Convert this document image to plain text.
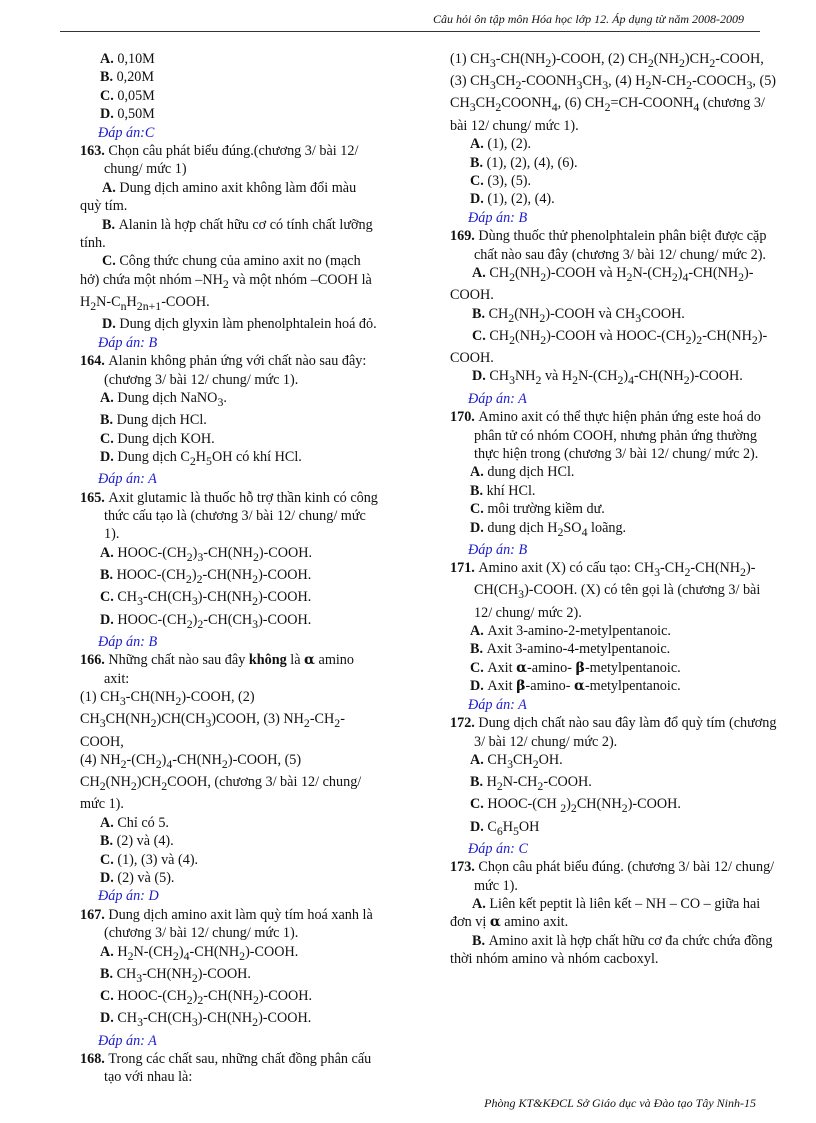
Câu hỏi ôn tập môn Hóa học lớp 12. Áp dụng từ năm 2008-2009
A. 0,10M
B. 0,20M
C. 0,05M
D. 0,50M
Đáp án:C
163. Chọn câu phát biểu đúng.(chương 3/ bài 12/ chung/ mức 1)
A. Dung dịch amino axit không làm đổi màu quỳ tím.
B. Alanin là hợp chất hữu cơ có tính chất lưỡng tính.
C. Công thức chung của amino axit no (mạch hở) chứa một nhóm $-NH_2$ và một nhóm –COOH là $H_2N-C_nH_{2n+1}$-COOH.
D. Dung dịch glyxin làm phenolphtalein hoá đỏ.
Đáp án: B
164. Alanin không phản ứng với chất nào sau đây: (chương 3/ bài 12/ chung/ mức 1).
A. Dung dịch NaNO$_3$.
B. Dung dịch HCl.
C. Dung dịch KOH.
D. Dung dịch $C_2H_5OH$ có khí HCl.
Đáp án: A
165. Axit glutamic là thuốc hỗ trợ thần kinh có công thức cấu tạo là (chương 3/ bài 12/ chung/ mức 1).
A. HOOC-$(CH_2)_3-CH(NH_2)$-COOH.
B. HOOC-$(CH_2)_2-CH(NH_2)$-COOH.
C. $CH_3-CH(CH_3)-CH(NH_2)$-COOH.
D. HOOC-$(CH_2)_2-CH(CH_3)$-COOH.
Đáp án: B
166. Những chất nào sau đây không là α amino axit:
(1) $CH_3-CH(NH_2)$-COOH, (2) $CH_3CH(NH_2)CH(CH_3)COOH$, (3) $NH_2-CH_2$-COOH,
(4) $NH_2-(CH_2)_4-CH(NH_2)$-COOH, (5) $CH_2(NH_2)CH_2COOH$, (chương 3/ bài 12/ chung/ mức 1).
A. Chỉ có 5.
B. (2) và (4).
C. (1), (3) và (4).
D. (2) và (5).
Đáp án: D
167. Dung dịch amino axit làm quỳ tím hoá xanh là (chương 3/ bài 12/ chung/ mức 1).
A. $H_2N-(CH_2)_4-CH(NH_2)$-COOH.
B. $CH_3-CH(NH_2)$-COOH.
C. HOOC-$(CH_2)_2-CH(NH_2)$-COOH.
D. $CH_3-CH(CH_3)-CH(NH_2)$-COOH.
Đáp án: A
168. Trong các chất sau, những chất đồng phân cấu tạo với nhau là:
(1) $CH_3-CH(NH_2)$-COOH, (2) $CH_2(NH_2)CH_2$-COOH, (3) $CH_3CH_2-COONH_3CH_3$, (4) $H_2N-CH_2-COOCH_3$, (5) $CH_3CH_2COONH_4$, (6) $CH_2=CH-COONH_4$ (chương 3/ bài 12/ chung/ mức 1).
A. (1), (2).
B. (1), (2), (4), (6).
C. (3), (5).
D. (1), (2), (4).
Đáp án: B
169. Dùng thuốc thử phenolphtalein phân biệt được cặp chất nào sau đây (chương 3/ bài 12/ chung/ mức 2).
A. $CH_2(NH_2)$-COOH và $H_2N-(CH_2)_4-CH(NH_2)$-COOH.
B. $CH_2(NH_2)$-COOH và $CH_3COOH$.
C. $CH_2(NH_2)$-COOH và HOOC-$(CH_2)_2-CH(NH_2)$-COOH.
D. $CH_3NH_2$ và $H_2N-(CH_2)_4-CH(NH_2)$-COOH.
Đáp án: A
170. Amino axit có thể thực hiện phản ứng este hoá do phân tử có nhóm COOH, nhưng phản ứng thường thực hiện trong (chương 3/ bài 12/ chung/ mức 2).
A. dung dịch HCl.
B. khí HCl.
C. môi trường kiềm dư.
D. dung dịch $H_2SO_4$ loãng.
Đáp án: B
171. Amino axit (X) có cấu tạo: $CH_3-CH_2-CH(NH_2)-CH(CH_3)$-COOH. (X) có tên gọi là (chương 3/ bài 12/ chung/ mức 2).
A. Axit 3-amino-2-metylpentanoic.
B. Axit 3-amino-4-metylpentanoic.
C. Axit α-amino- β-metylpentanoic.
D. Axit β-amino- α-metylpentanoic.
Đáp án: A
172. Dung dịch chất nào sau đây làm đổ quỳ tím (chương 3/ bài 12/ chung/ mức 2).
A. $CH_3CH_2OH$.
B. $H_2N-CH_2$-COOH.
C. HOOC-(CH $_2)_2CH(NH_2)$-COOH.
D. $C_6H_5OH$
Đáp án: C
173. Chọn câu phát biểu đúng. (chương 3/ bài 12/ chung/ mức 1).
A. Liên kết peptit là liên kết – NH – CO – giữa hai đơn vị α amino axit.
B. Amino axit là hợp chất hữu cơ đa chức chứa đồng thời nhóm amino và nhóm cacboxyl.
Phòng KT&KĐCL Sở Giáo dục và Đào tạo Tây Ninh-15
